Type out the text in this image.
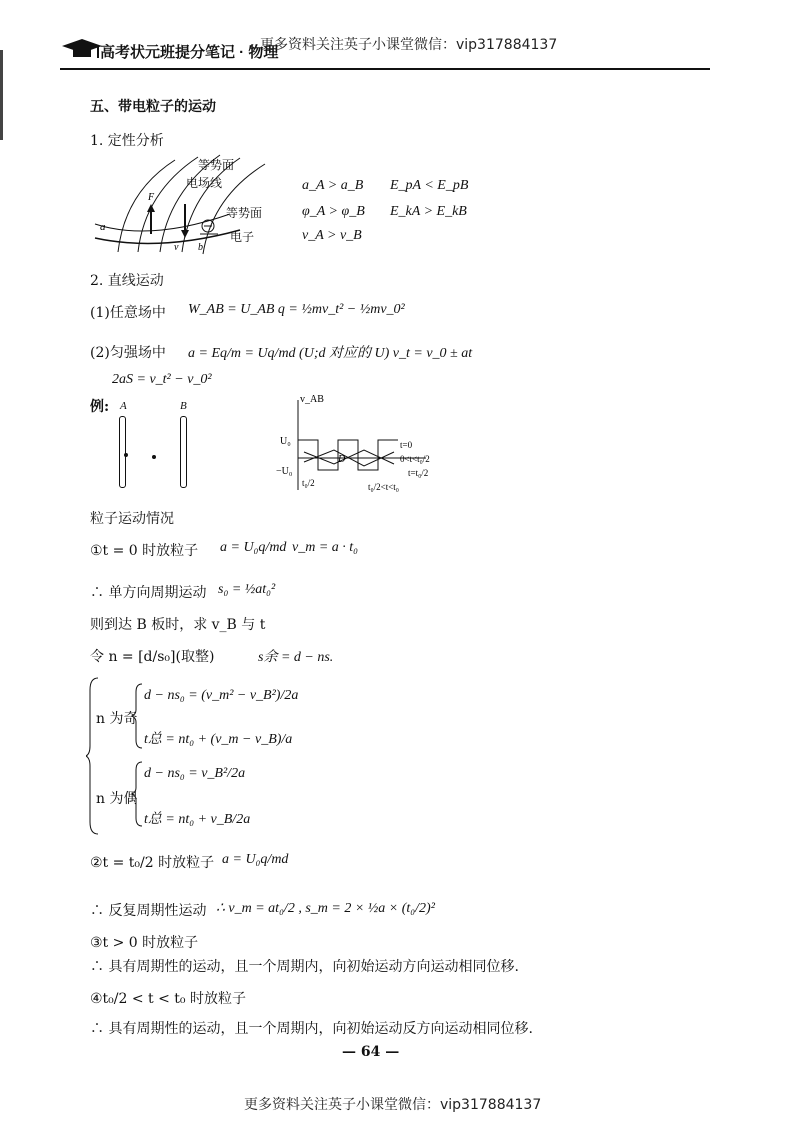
高考状元班提分笔记 · 物理
更多资料关注英子小课堂微信：vip317884137
五、带电粒子的运动
1. 定性分析
a
F
v b
等势面
电场线
等势面
电子
a_A > a_B E_pA < E_pB
φ_A > φ_B E_kA > E_kB
v_A > v_B
2. 直线运动
(1)任意场中 W_AB = U_AB q = ½mv_t² − ½mv_0²
(2)匀强场中 a = Eq/m = Uq/md (U;d 对应的 U) v_t = v_0 ± at
2aS = v_t² − v_0²
例: A	B
v_AB
U₀
−U₀
t₀/2
D
t=0
0<t<t₀/2
t=t₀/2
t₀/2<t<t₀
粒子运动情况
①t = 0 时放粒子 a = U₀q/md v_m = a · t₀
∴ 单方向周期运动 s₀ = ½at₀²
则到达 B 板时，求 v_B 与 t
令 n = [d/s₀](取整)	s余 = d − ns.
n 为奇
d − ns₀ = (v_m² − v_B²)/2a
t总 = nt₀ + (v_m − v_B)/a
n 为偶
d − ns₀ = v_B²/2a
t总 = nt₀ + v_B/2a
②t = t₀/2 时放粒子 a = U₀q/md
∴ 反复周期性运动 ∴ v_m = at₀/2 , s_m = 2 × ½a × (t₀/2)²
③t > 0 时放粒子
∴ 具有周期性的运动，且一个周期内，向初始运动方向运动相同位移.
④t₀/2 < t < t₀ 时放粒子
∴ 具有周期性的运动，且一个周期内，向初始运动反方向运动相同位移.
— 64 —
更多资料关注英子小课堂微信：vip317884137
